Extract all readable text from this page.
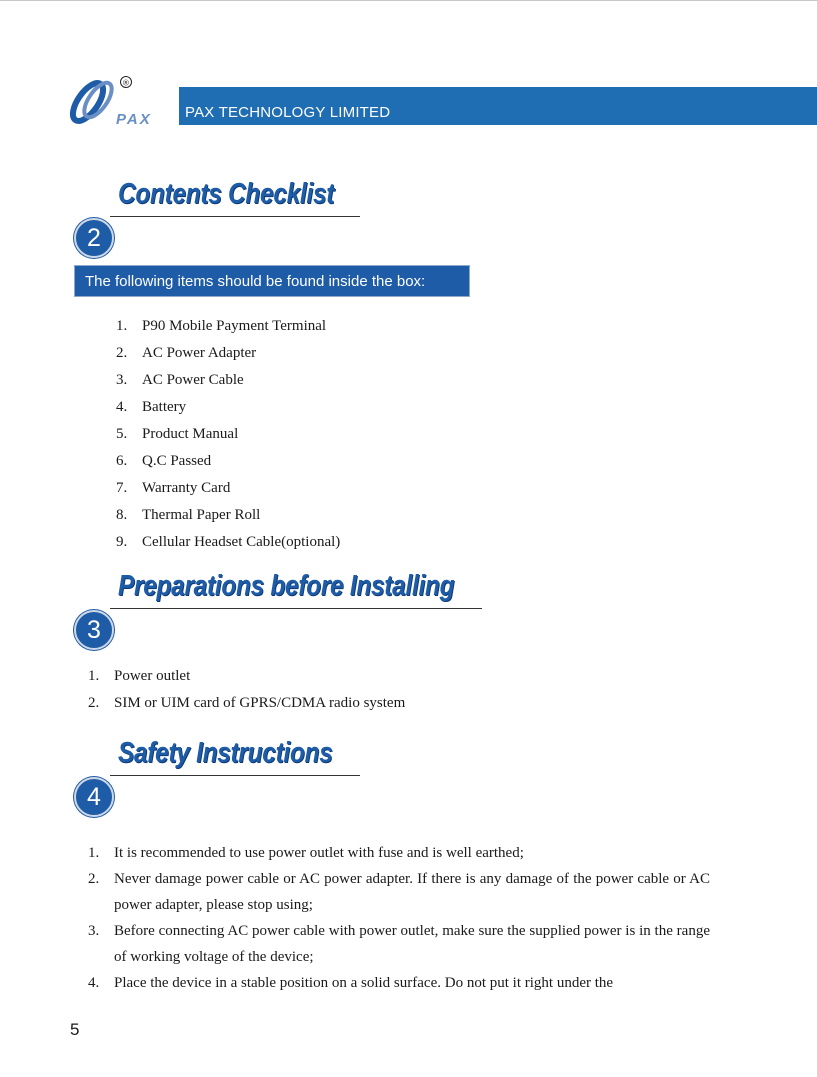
PAX
®
PAX TECHNOLOGY LIMITED
Contents Checklist
2
The following items should be found inside the box:
1. P90 Mobile Payment Terminal
2. AC Power Adapter
3. AC Power Cable
4. Battery
5. Product Manual
6. Q.C Passed
7. Warranty Card
8. Thermal Paper Roll
9. Cellular Headset Cable(optional)
Preparations before Installing
3
1. Power outlet
2. SIM or UIM card of GPRS/CDMA radio system
Safety Instructions
4
1. It is recommended to use power outlet with fuse and is well earthed;
2. Never damage power cable or AC power adapter. If there is any damage of the power cable or AC power adapter, please stop using;
3. Before connecting AC power cable with power outlet, make sure the supplied power is in the range of working voltage of the device;
4. Place the device in a stable position on a solid surface. Do not put it right under the
5
